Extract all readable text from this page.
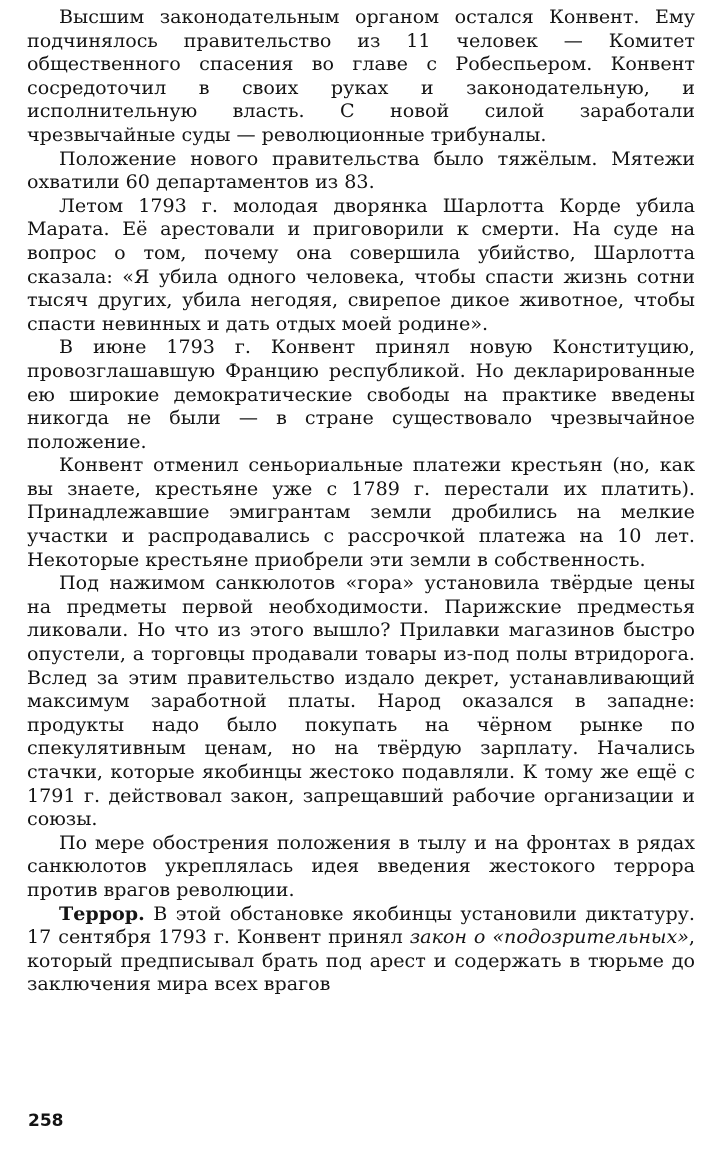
Высшим законодательным органом остался Конвент. Ему подчинялось правительство из 11 человек — Комитет общественного спасения во главе с Робеспьером. Конвент сосредоточил в своих руках и законодательную, и исполнительную власть. С новой силой заработали чрезвычайные суды — революционные трибуналы.

Положение нового правительства было тяжёлым. Мятежи охватили 60 департаментов из 83.

Летом 1793 г. молодая дворянка Шарлотта Корде убила Марата. Её арестовали и приговорили к смерти. На суде на вопрос о том, почему она совершила убийство, Шарлотта сказала: «Я убила одного человека, чтобы спасти жизнь сотни тысяч других, убила негодяя, свирепое дикое животное, чтобы спасти невинных и дать отдых моей родине».

В июне 1793 г. Конвент принял новую Конституцию, провозглашавшую Францию республикой. Но декларированные ею широкие демократические свободы на практике введены никогда не были — в стране существовало чрезвычайное положение.

Конвент отменил сеньориальные платежи крестьян (но, как вы знаете, крестьяне уже с 1789 г. перестали их платить). Принадлежавшие эмигрантам земли дробились на мелкие участки и распродавались с рассрочкой платежа на 10 лет. Некоторые крестьяне приобрели эти земли в собственность.

Под нажимом санкюлотов «гора» установила твёрдые цены на предметы первой необходимости. Парижские предместья ликовали. Но что из этого вышло? Прилавки магазинов быстро опустели, а торговцы продавали товары из-под полы втридорога. Вслед за этим правительство издало декрет, устанавливающий максимум заработной платы. Народ оказался в западне: продукты надо было покупать на чёрном рынке по спекулятивным ценам, но на твёрдую зарплату. Начались стачки, которые якобинцы жестоко подавляли. К тому же ещё с 1791 г. действовал закон, запрещавший рабочие организации и союзы.

По мере обострения положения в тылу и на фронтах в рядах санкюлотов укреплялась идея введения жестокого террора против врагов революции.

Террор. В этой обстановке якобинцы установили диктатуру. 17 сентября 1793 г. Конвент принял закон о «подозрительных», который предписывал брать под арест и содержать в тюрьме до заключения мира всех врагов

258
